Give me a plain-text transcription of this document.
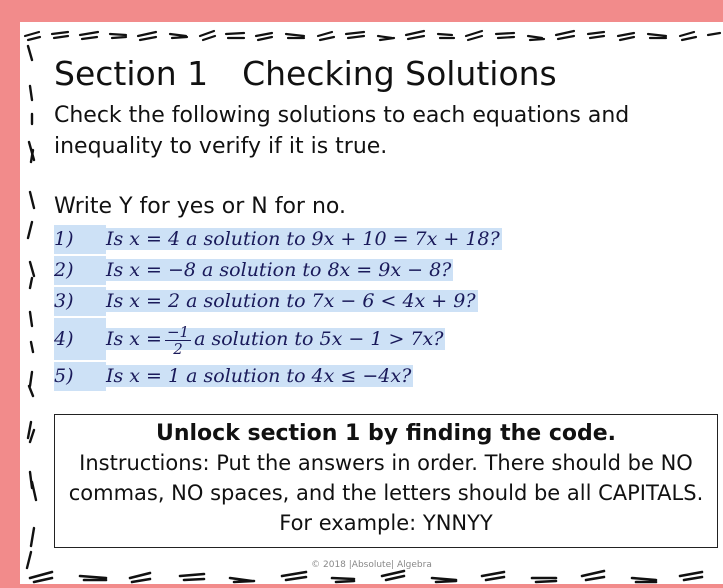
Section 1 Checking Solutions
Check the following solutions to each equations and inequality to verify if it is true.
Write Y for yes or N for no.
1) Is x = 4 a solution to 9x + 10 = 7x + 18?
2) Is x = −8 a solution to 8x = 9x − 8?
3) Is x = 2 a solution to 7x − 6 < 4x + 9?
4) Is $x = \frac{-1}{2}$ a solution to 5x − 1 > 7x?
5) Is x = 1 a solution to 4x ≤ −4x?
Unlock section 1 by finding the code.
Instructions: Put the answers in order. There should be NO commas, NO spaces, and the letters should be all CAPITALS. For example: YNNYY
© 2018 |Absolute| Algebra
